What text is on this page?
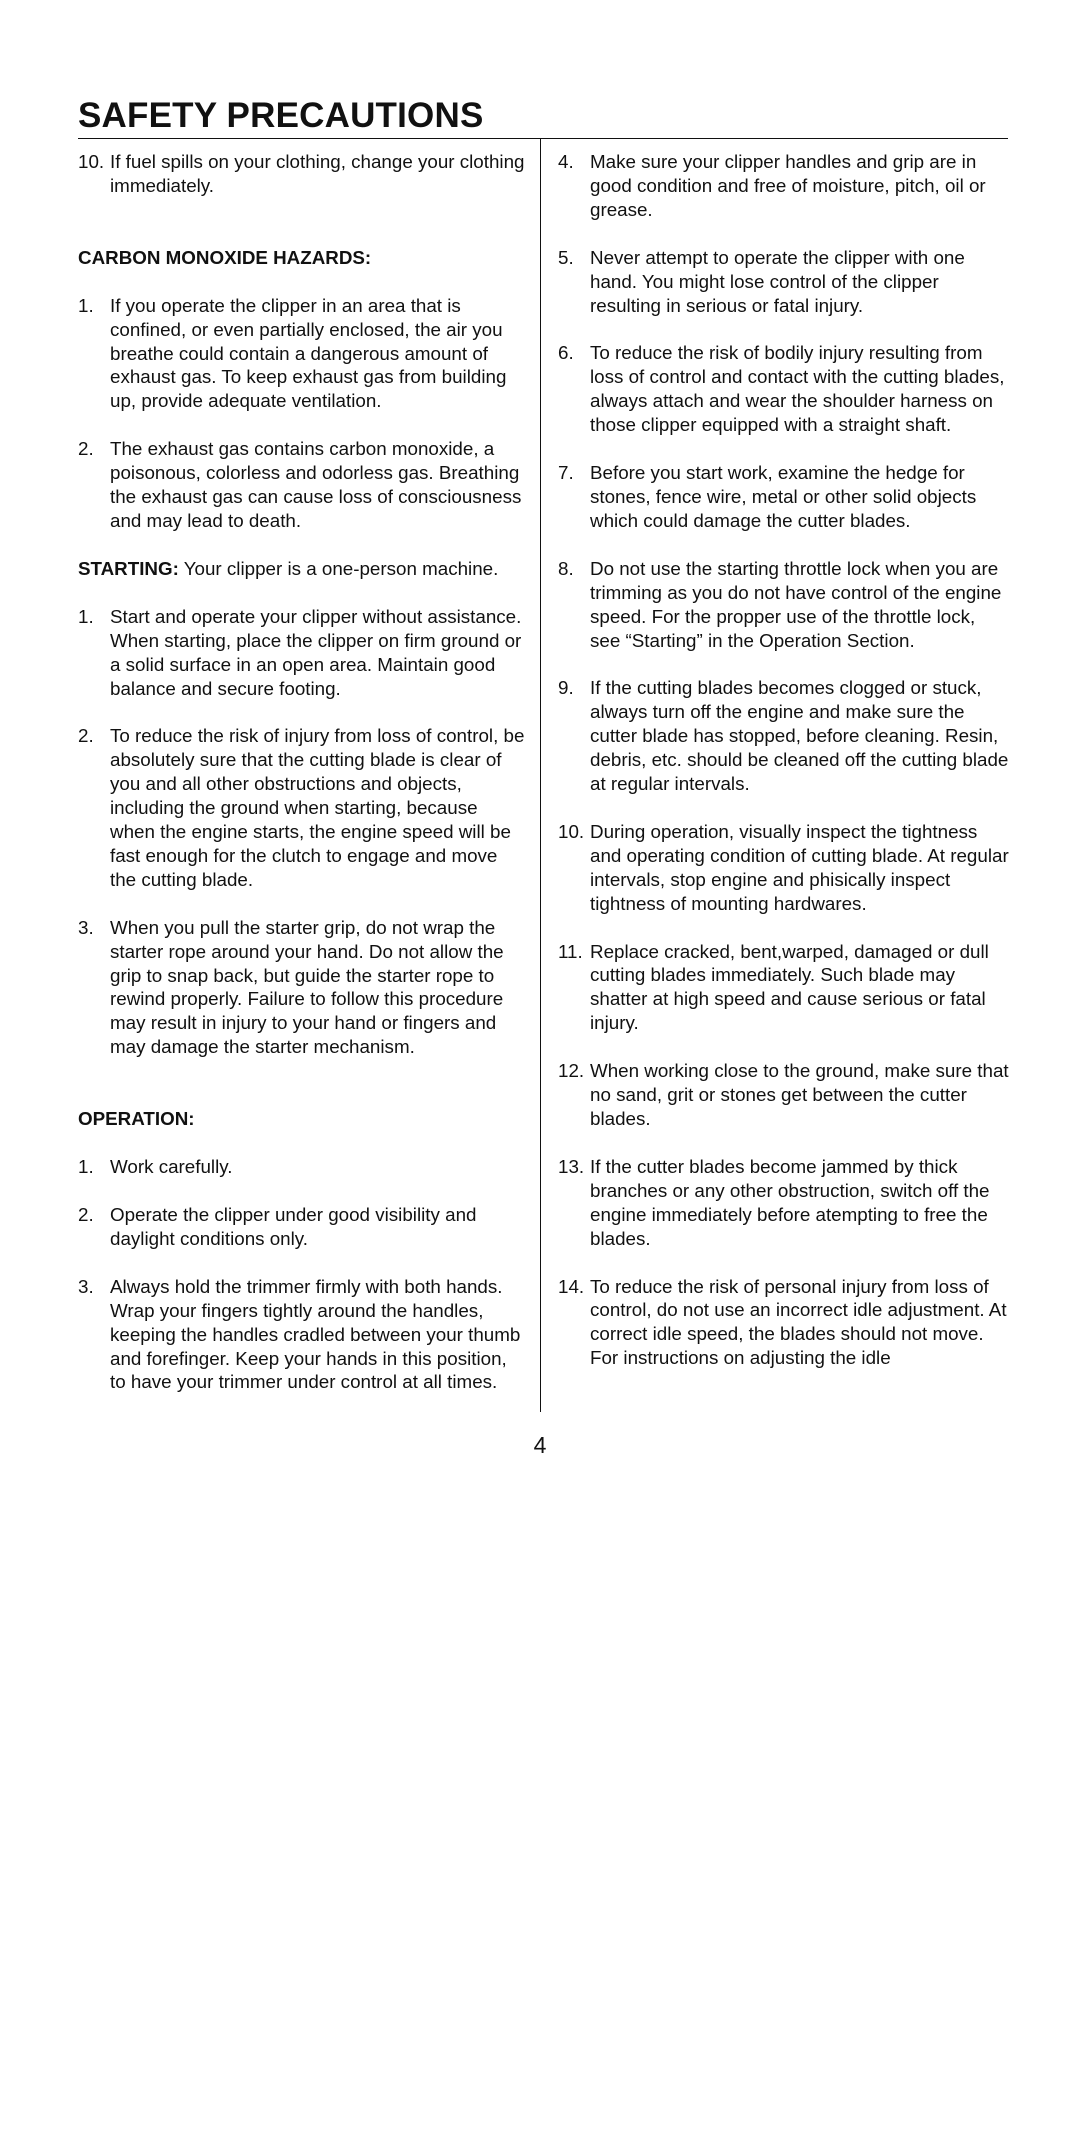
SAFETY PRECAUTIONS
10. If fuel spills on your clothing, change your clothing immediately.
CARBON MONOXIDE HAZARDS:
1. If you operate the clipper in an area that is confined, or even partially enclosed, the air you breathe could contain a dangerous amount of exhaust gas. To keep exhaust gas from building up, provide adequate ventilation.
2. The exhaust gas contains carbon monoxide, a poisonous, colorless and odorless gas. Breathing the exhaust gas can cause loss of consciousness and may lead to death.
STARTING: Your clipper is a one-person machine.
1. Start and operate your clipper without assistance. When starting, place the clipper on firm ground or a solid surface in an open area. Maintain good balance and secure footing.
2. To reduce the risk of injury from loss of control, be absolutely sure that the cutting blade is clear of you and all other obstructions and objects, including the ground when starting, because when the engine starts, the engine speed will be fast enough for the clutch to engage and move the cutting blade.
3. When you pull the starter grip, do not wrap the starter rope around your hand. Do not allow the grip to snap back, but guide the starter rope to rewind properly. Failure to follow this procedure may result in injury to your hand or fingers and may damage the starter mechanism.
OPERATION:
1. Work carefully.
2. Operate the clipper under good visibility and daylight conditions only.
3. Always hold the trimmer firmly with both hands. Wrap your fingers tightly around the handles, keeping the handles cradled between your thumb and forefinger. Keep your hands in this position, to have your trimmer under control at all times.
4. Make sure your clipper handles and grip are in good condition and free of moisture, pitch, oil or grease.
5. Never attempt to operate the clipper with one hand. You might lose control of the clipper resulting in serious or fatal injury.
6. To reduce the risk of bodily injury resulting from loss of control and contact with the cutting blades, always attach and wear the shoulder harness on those clipper equipped with a straight shaft.
7. Before you start work, examine the hedge for stones, fence wire, metal or other solid objects which could damage the cutter blades.
8. Do not use the starting throttle lock when you are trimming as you do not have control of the engine speed. For the propper use of the throttle lock, see “Starting” in the Operation Section.
9. If the cutting blades becomes clogged or stuck, always turn off the engine and make sure the cutter blade has stopped, before cleaning. Resin, debris, etc. should be cleaned off the cutting blade at regular intervals.
10. During operation, visually inspect the tightness and operating condition of cutting blade. At regular intervals, stop engine and phisically inspect tightness of mounting hardwares.
11. Replace cracked, bent,warped, damaged or dull cutting blades immediately. Such blade may shatter at high speed and cause serious or fatal injury.
12. When working close to the ground, make sure that no sand, grit or stones get between the cutter blades.
13. If the cutter blades become jammed by thick branches or any other obstruction, switch off the engine immediately before atempting to free the blades.
14. To reduce the risk of personal injury from loss of control, do not use an incorrect idle adjustment. At correct idle speed, the blades should not move. For instructions on adjusting the idle
4
